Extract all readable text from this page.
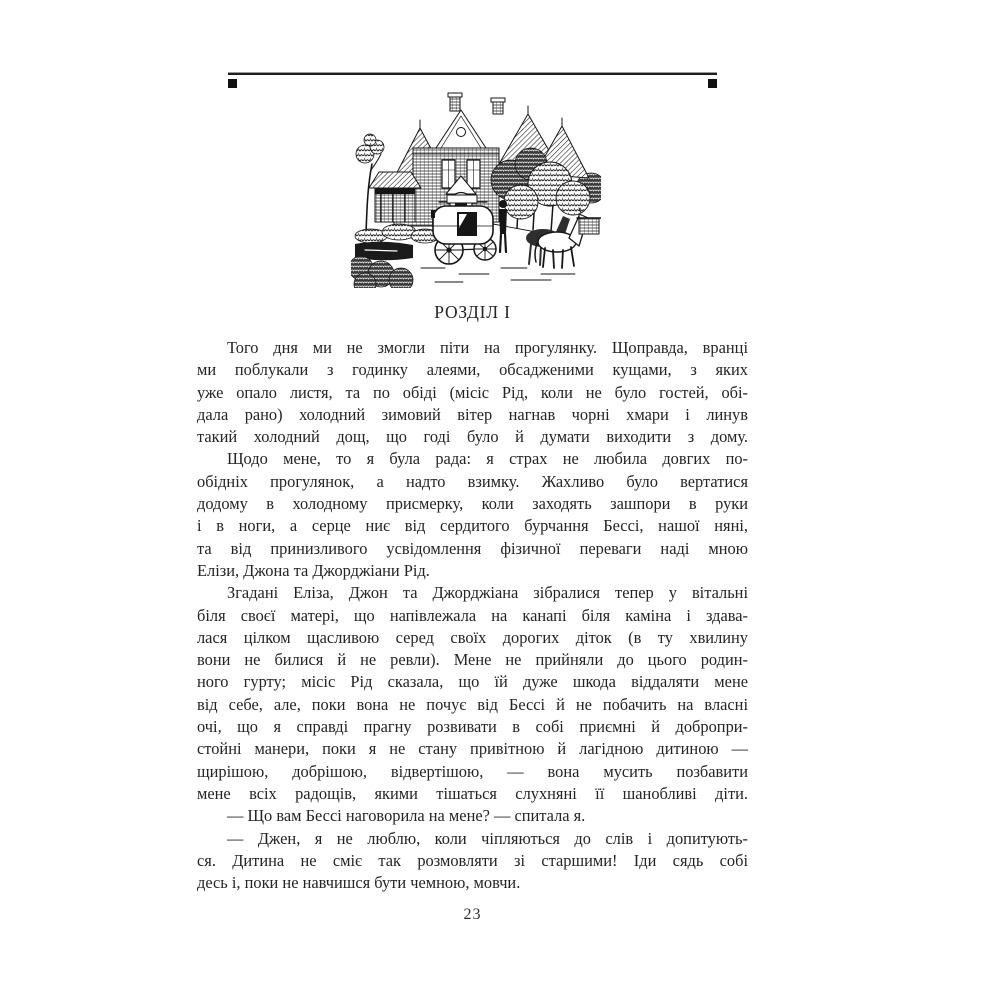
РОЗДІЛ I

Того дня ми не змогли піти на прогулянку. Щоправда, вранці
ми поблукали з годинку алеями, обсадженими кущами, з яких
уже опало листя, та по обіді (місіс Рід, коли не було гостей, обі-
дала рано) холодний зимовий вітер нагнав чорні хмари і линув
такий холодний дощ, що годі було й думати виходити з дому.

Щодо мене, то я була рада: я страх не любила довгих по-
обідніх прогулянок, а надто взимку. Жахливо було вертатися
додому в холодному присмерку, коли заходять зашпори в руки
і в ноги, а серце ниє від сердитого бурчання Бессі, нашої няні,
та від принизливого усвідомлення фізичної переваги наді мною
Елізи, Джона та Джорджіани Рід.

Згадані Еліза, Джон та Джорджіана зібралися тепер у вітальні
біля своєї матері, що напівлежала на канапі біля каміна і здава-
лася цілком щасливою серед своїх дорогих діток (в ту хвилину
вони не билися й не ревли). Мене не прийняли до цього родин-
ного гурту; місіс Рід сказала, що їй дуже шкода віддаляти мене
від себе, але, поки вона не почує від Бессі й не побачить на власні
очі, що я справді прагну розвивати в собі приємні й добропри-
стойні манери, поки я не стану привітною й лагідною дитиною —
щирішою, добрішою, відвертішою, — вона мусить позбавити
мене всіх радощів, якими тішаться слухняні її шанобливі діти.

— Що вам Бессі наговорила на мене? — спитала я.

— Джен, я не люблю, коли чіпляються до слів і допитують-
ся. Дитина не сміє так розмовляти зі старшими! Іди сядь собі
десь і, поки не навчишся бути чемною, мовчи.

23
